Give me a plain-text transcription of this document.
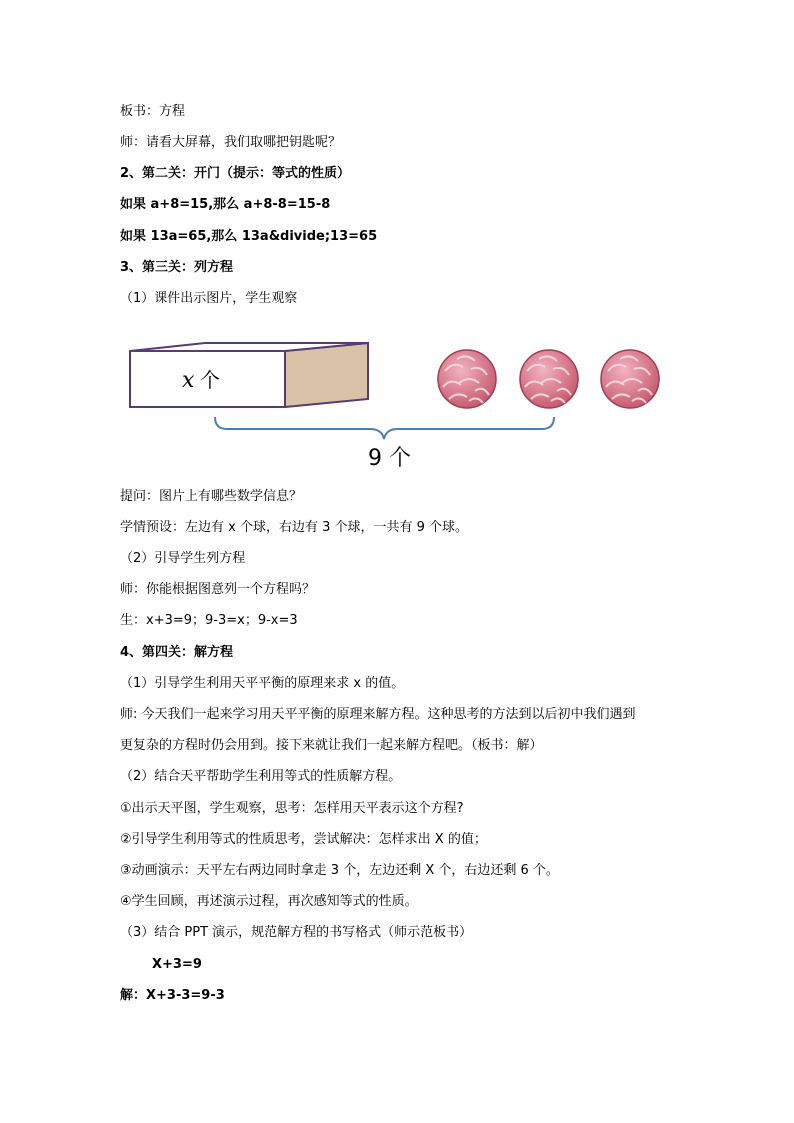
板书：方程
师：请看大屏幕，我们取哪把钥匙呢？
2、第二关：开门（提示：等式的性质）
如果 a+8=15,那么 a+8-8=15-8
如果 13a=65,那么 13a&divide;13=65
3、第三关：列方程
（1）课件出示图片，学生观察
x 个
9 个
提问：图片上有哪些数学信息？
学情预设：左边有 x 个球，右边有 3 个球，一共有 9 个球。
（2）引导学生列方程
师：你能根据图意列一个方程吗？
生：x+3=9；9-3=x；9-x=3
4、第四关：解方程
（1）引导学生利用天平平衡的原理来求 x 的值。
师: 今天我们一起来学习用天平平衡的原理来解方程。这种思考的方法到以后初中我们遇到
更复杂的方程时仍会用到。接下来就让我们一起来解方程吧。（板书：解）
（2）结合天平帮助学生利用等式的性质解方程。
①出示天平图，学生观察，思考：怎样用天平表示这个方程?
②引导学生利用等式的性质思考，尝试解决：怎样求出 X 的值；
③动画演示：天平左右两边同时拿走 3 个，左边还剩 X 个，右边还剩 6 个。
④学生回顾，再述演示过程，再次感知等式的性质。
（3）结合 PPT 演示，规范解方程的书写格式（师示范板书）
X+3=9
解：X+3-3=9-3
